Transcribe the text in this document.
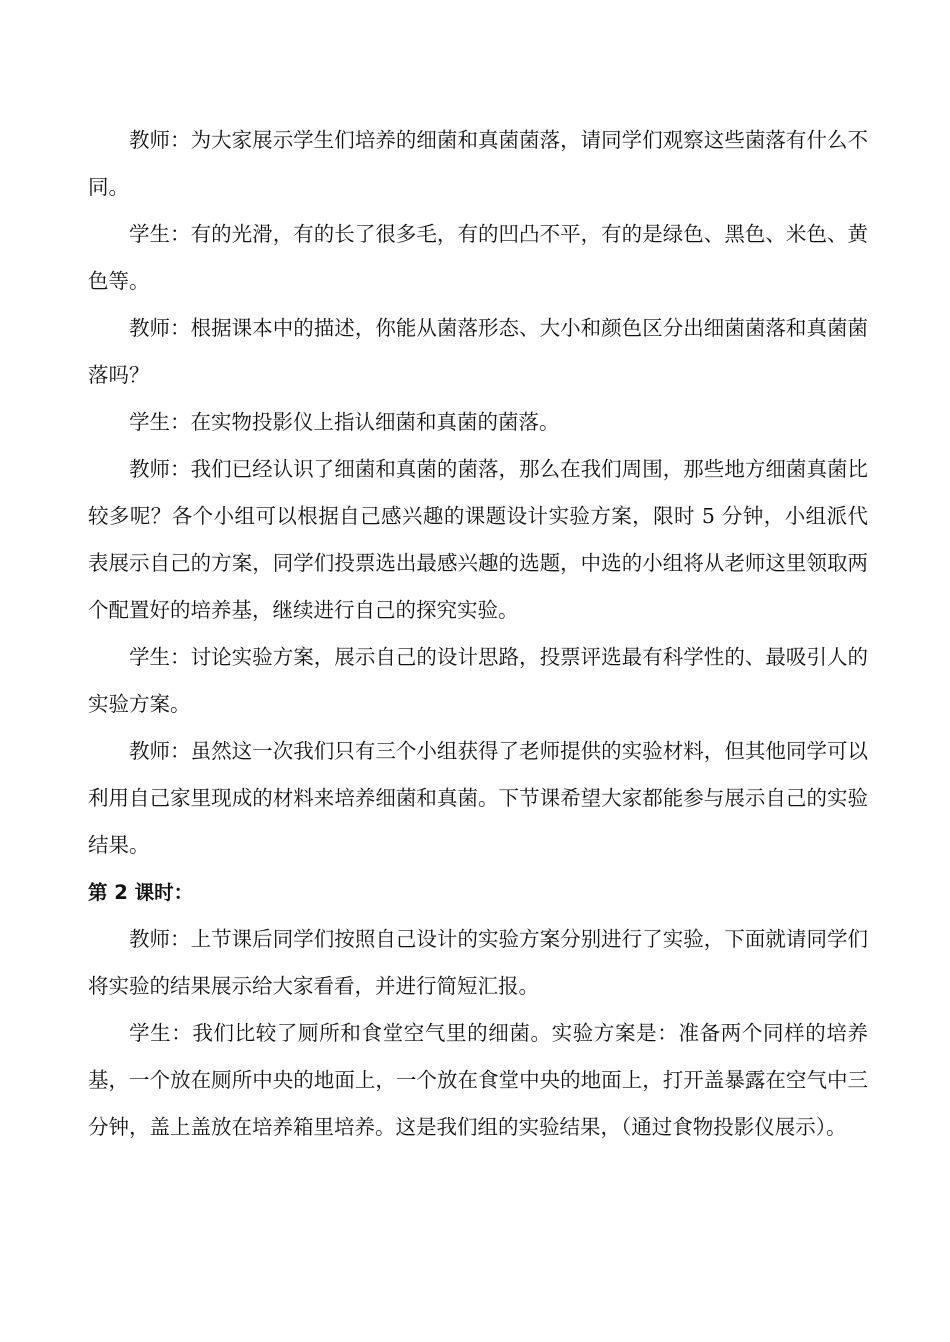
教师：为大家展示学生们培养的细菌和真菌菌落，请同学们观察这些菌落有什么不同。

学生：有的光滑，有的长了很多毛，有的凹凸不平，有的是绿色、黑色、米色、黄色等。

教师：根据课本中的描述，你能从菌落形态、大小和颜色区分出细菌菌落和真菌菌落吗？

学生：在实物投影仪上指认细菌和真菌的菌落。

教师：我们已经认识了细菌和真菌的菌落，那么在我们周围，那些地方细菌真菌比较多呢？各个小组可以根据自己感兴趣的课题设计实验方案，限时 5 分钟，小组派代表展示自己的方案，同学们投票选出最感兴趣的选题，中选的小组将从老师这里领取两个配置好的培养基，继续进行自己的探究实验。

学生：讨论实验方案，展示自己的设计思路，投票评选最有科学性的、最吸引人的实验方案。

教师：虽然这一次我们只有三个小组获得了老师提供的实验材料，但其他同学可以利用自己家里现成的材料来培养细菌和真菌。下节课希望大家都能参与展示自己的实验结果。

第 2 课时：

教师：上节课后同学们按照自己设计的实验方案分别进行了实验，下面就请同学们将实验的结果展示给大家看看，并进行简短汇报。

学生：我们比较了厕所和食堂空气里的细菌。实验方案是：准备两个同样的培养基，一个放在厕所中央的地面上，一个放在食堂中央的地面上，打开盖暴露在空气中三分钟，盖上盖放在培养箱里培养。这是我们组的实验结果，（通过食物投影仪展示）。
